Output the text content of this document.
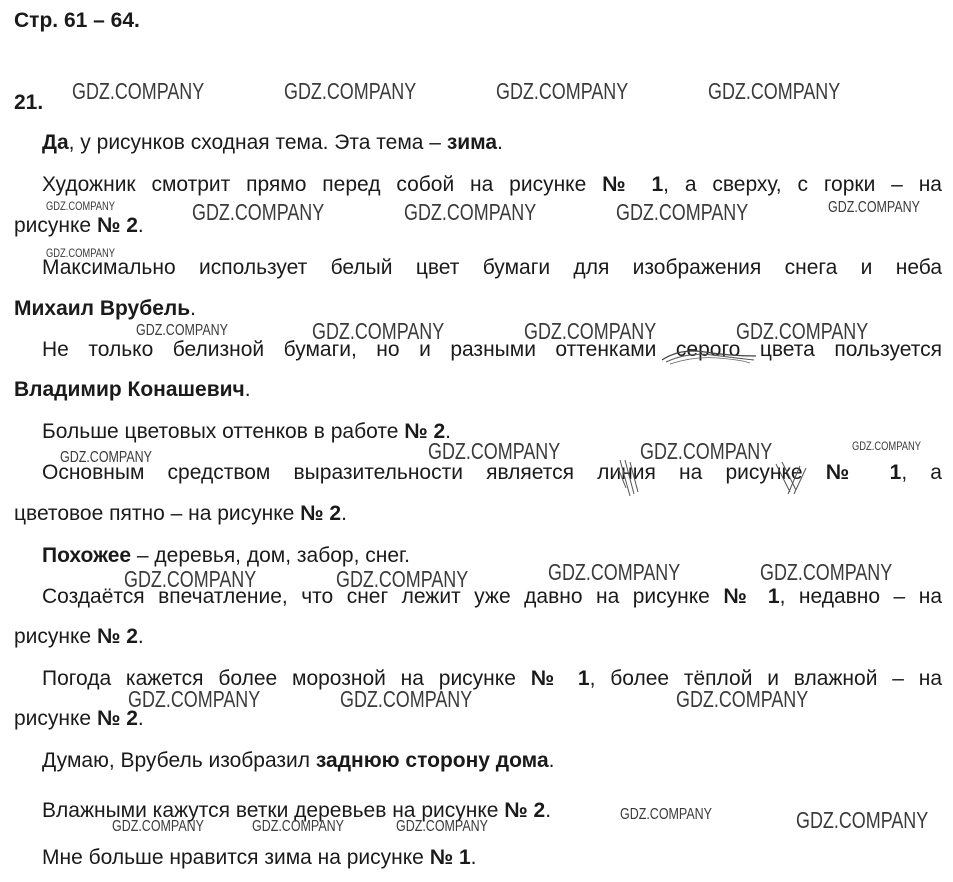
Стр. 61 – 64.
21.
Да, у рисунков сходная тема. Эта тема – зима.
Художник смотрит прямо перед собой на рисунке № 1, а сверху, с горки – на
рисунке № 2.
Максимально использует белый цвет бумаги для изображения снега и неба
Михаил Врубель.
Не только белизной бумаги, но и разными оттенками серого цвета пользуется
Владимир Конашевич.
Больше цветовых оттенков в работе № 2.
Основным средством выразительности является линия на рисунке № 1, а
цветовое пятно – на рисунке № 2.
Похожее – деревья, дом, забор, снег.
Создаётся впечатление, что снег лежит уже давно на рисунке № 1, недавно – на
рисунке № 2.
Погода кажется более морозной на рисунке № 1, более тёплой и влажной – на
рисунке № 2.
Думаю, Врубель изобразил заднюю сторону дома.
Влажными кажутся ветки деревьев на рисунке № 2.
Мне больше нравится зима на рисунке № 1.
GDZ.COMPANY	GDZ.COMPANY	GDZ.COMPANY	GDZ.COMPANY
GDZ.COMPANY	GDZ.COMPANY	GDZ.COMPANY	GDZ.COMPANY	GDZ.COMPANY
GDZ.COMPANY
GDZ.COMPANY	GDZ.COMPANY	GDZ.COMPANY	GDZ.COMPANY
GDZ.COMPANY	GDZ.COMPANY	GDZ.COMPANY	GDZ.COMPANY
GDZ.COMPANY	GDZ.COMPANY	GDZ.COMPANY	GDZ.COMPANY
GDZ.COMPANY	GDZ.COMPANY	GDZ.COMPANY
GDZ.COMPANY	GDZ.COMPANY	GDZ.COMPANY
GDZ.COMPANY	GDZ.COMPANY
